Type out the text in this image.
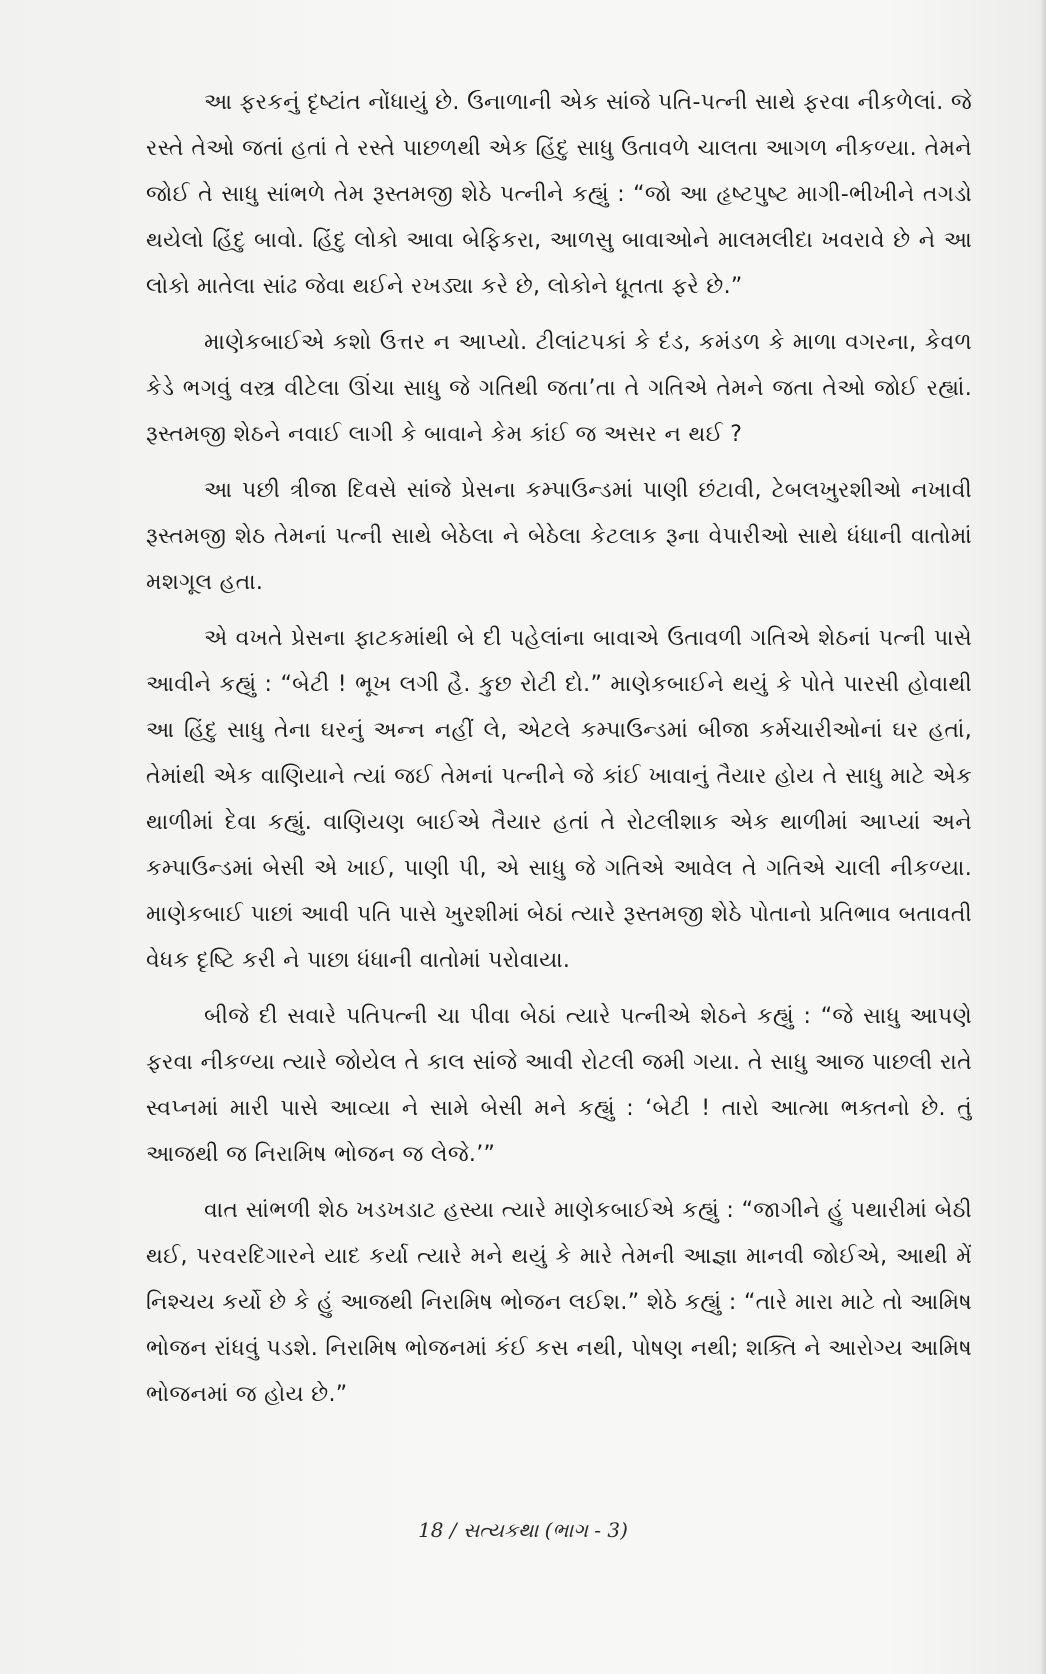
આ ફરકનું દૃષ્ટાંત નોંધાયું છે. ઉનાળાની એક સાંજે પતિ-પત્ની સાથે ફરવા નીકળેલાં. જે રસ્તે તેઓ જતાં હતાં તે રસ્તે પાછળથી એક હિંદુ સાધુ ઉતાવળે ચાલતા આગળ નીકળ્યા. તેમને જોઈ તે સાધુ સાંભળે તેમ રૂસ્તમજી શેઠે પત્નીને કહ્યું : “જો આ હૃષ્ટપુષ્ટ માગી-ભીખીને તગડો થયેલો હિંદુ બાવો. હિંદુ લોકો આવા બેફિકરા, આળસુ બાવાઓને માલમલીદા ખવરાવે છે ને આ લોકો માતેલા સાંઢ જેવા થઈને રખડ્યા કરે છે, લોકોને ધૂતતા ફરે છે.”

માણેકબાઈએ કશો ઉત્તર ન આપ્યો. ટીલાંટપકાં કે દંડ, કમંડળ કે માળા વગરના, કેવળ કેડે ભગવું વસ્ત્ર વીટેલા ઊંચા સાધુ જે ગતિથી જતા’તા તે ગતિએ તેમને જતા તેઓ જોઈ રહ્યાં. રૂસ્તમજી શેઠને નવાઈ લાગી કે બાવાને કેમ કાંઈ જ અસર ન થઈ ?

આ પછી ત્રીજા દિવસે સાંજે પ્રેસના કમ્પાઉન્ડમાં પાણી છંટાવી, ટેબલખુરશીઓ નખાવી રૂસ્તમજી શેઠ તેમનાં પત્ની સાથે બેઠેલા ને બેઠેલા કેટલાક રૂના વેપારીઓ સાથે ધંધાની વાતોમાં મશગૂલ હતા.

એ વખતે પ્રેસના ફાટકમાંથી બે દી પહેલાંના બાવાએ ઉતાવળી ગતિએ શેઠનાં પત્ની પાસે આવીને કહ્યું : “બેટી ! ભૂખ લગી હૈ. કુછ રોટી દો.” માણેકબાઈને થયું કે પોતે પારસી હોવાથી આ હિંદુ સાધુ તેના ઘરનું અન્ન નહીં લે, એટલે કમ્પાઉન્ડમાં બીજા કર્મચારીઓનાં ઘર હતાં, તેમાંથી એક વાણિયાને ત્યાં જઈ તેમનાં પત્નીને જે કાંઈ ખાવાનું તૈયાર હોય તે સાધુ માટે એક થાળીમાં દેવા કહ્યું. વાણિયણ બાઈએ તૈયાર હતાં તે રોટલીશાક એક થાળીમાં આપ્યાં અને કમ્પાઉન્ડમાં બેસી એ ખાઈ, પાણી પી, એ સાધુ જે ગતિએ આવેલ તે ગતિએ ચાલી નીકળ્યા. માણેકબાઈ પાછાં આવી પતિ પાસે ખુરશીમાં બેઠાં ત્યારે રૂસ્તમજી શેઠે પોતાનો પ્રતિભાવ બતાવતી વેધક દૃષ્ટિ કરી ને પાછા ધંધાની વાતોમાં પરોવાયા.

બીજે દી સવારે પતિપત્ની ચા પીવા બેઠાં ત્યારે પત્નીએ શેઠને કહ્યું : “જે સાધુ આપણે ફરવા નીકળ્યા ત્યારે જોયેલ તે કાલ સાંજે આવી રોટલી જમી ગયા. તે સાધુ આજ પાછલી રાતે સ્વપ્નમાં મારી પાસે આવ્યા ને સામે બેસી મને કહ્યું : ‘બેટી ! તારો આત્મા ભક્તનો છે. તું આજથી જ નિરામિષ ભોજન જ લેજે.’”

વાત સાંભળી શેઠ ખડખડાટ હસ્યા ત્યારે માણેકબાઈએ કહ્યું : “જાગીને હું પથારીમાં બેઠી થઈ, પરવરદિગારને યાદ કર્યા ત્યારે મને થયું કે મારે તેમની આજ્ઞા માનવી જોઈએ, આથી મેં નિશ્ચય કર્યો છે કે હું આજથી નિરામિષ ભોજન લઈશ.” શેઠે કહ્યું : “તારે મારા માટે તો આમિષ ભોજન રાંધવું પડશે. નિરામિષ ભોજનમાં કંઈ કસ નથી, પોષણ નથી; શક્તિ ને આરોગ્ય આમિષ ભોજનમાં જ હોય છે.”

18 / સત્યકથા (ભાગ - 3)
